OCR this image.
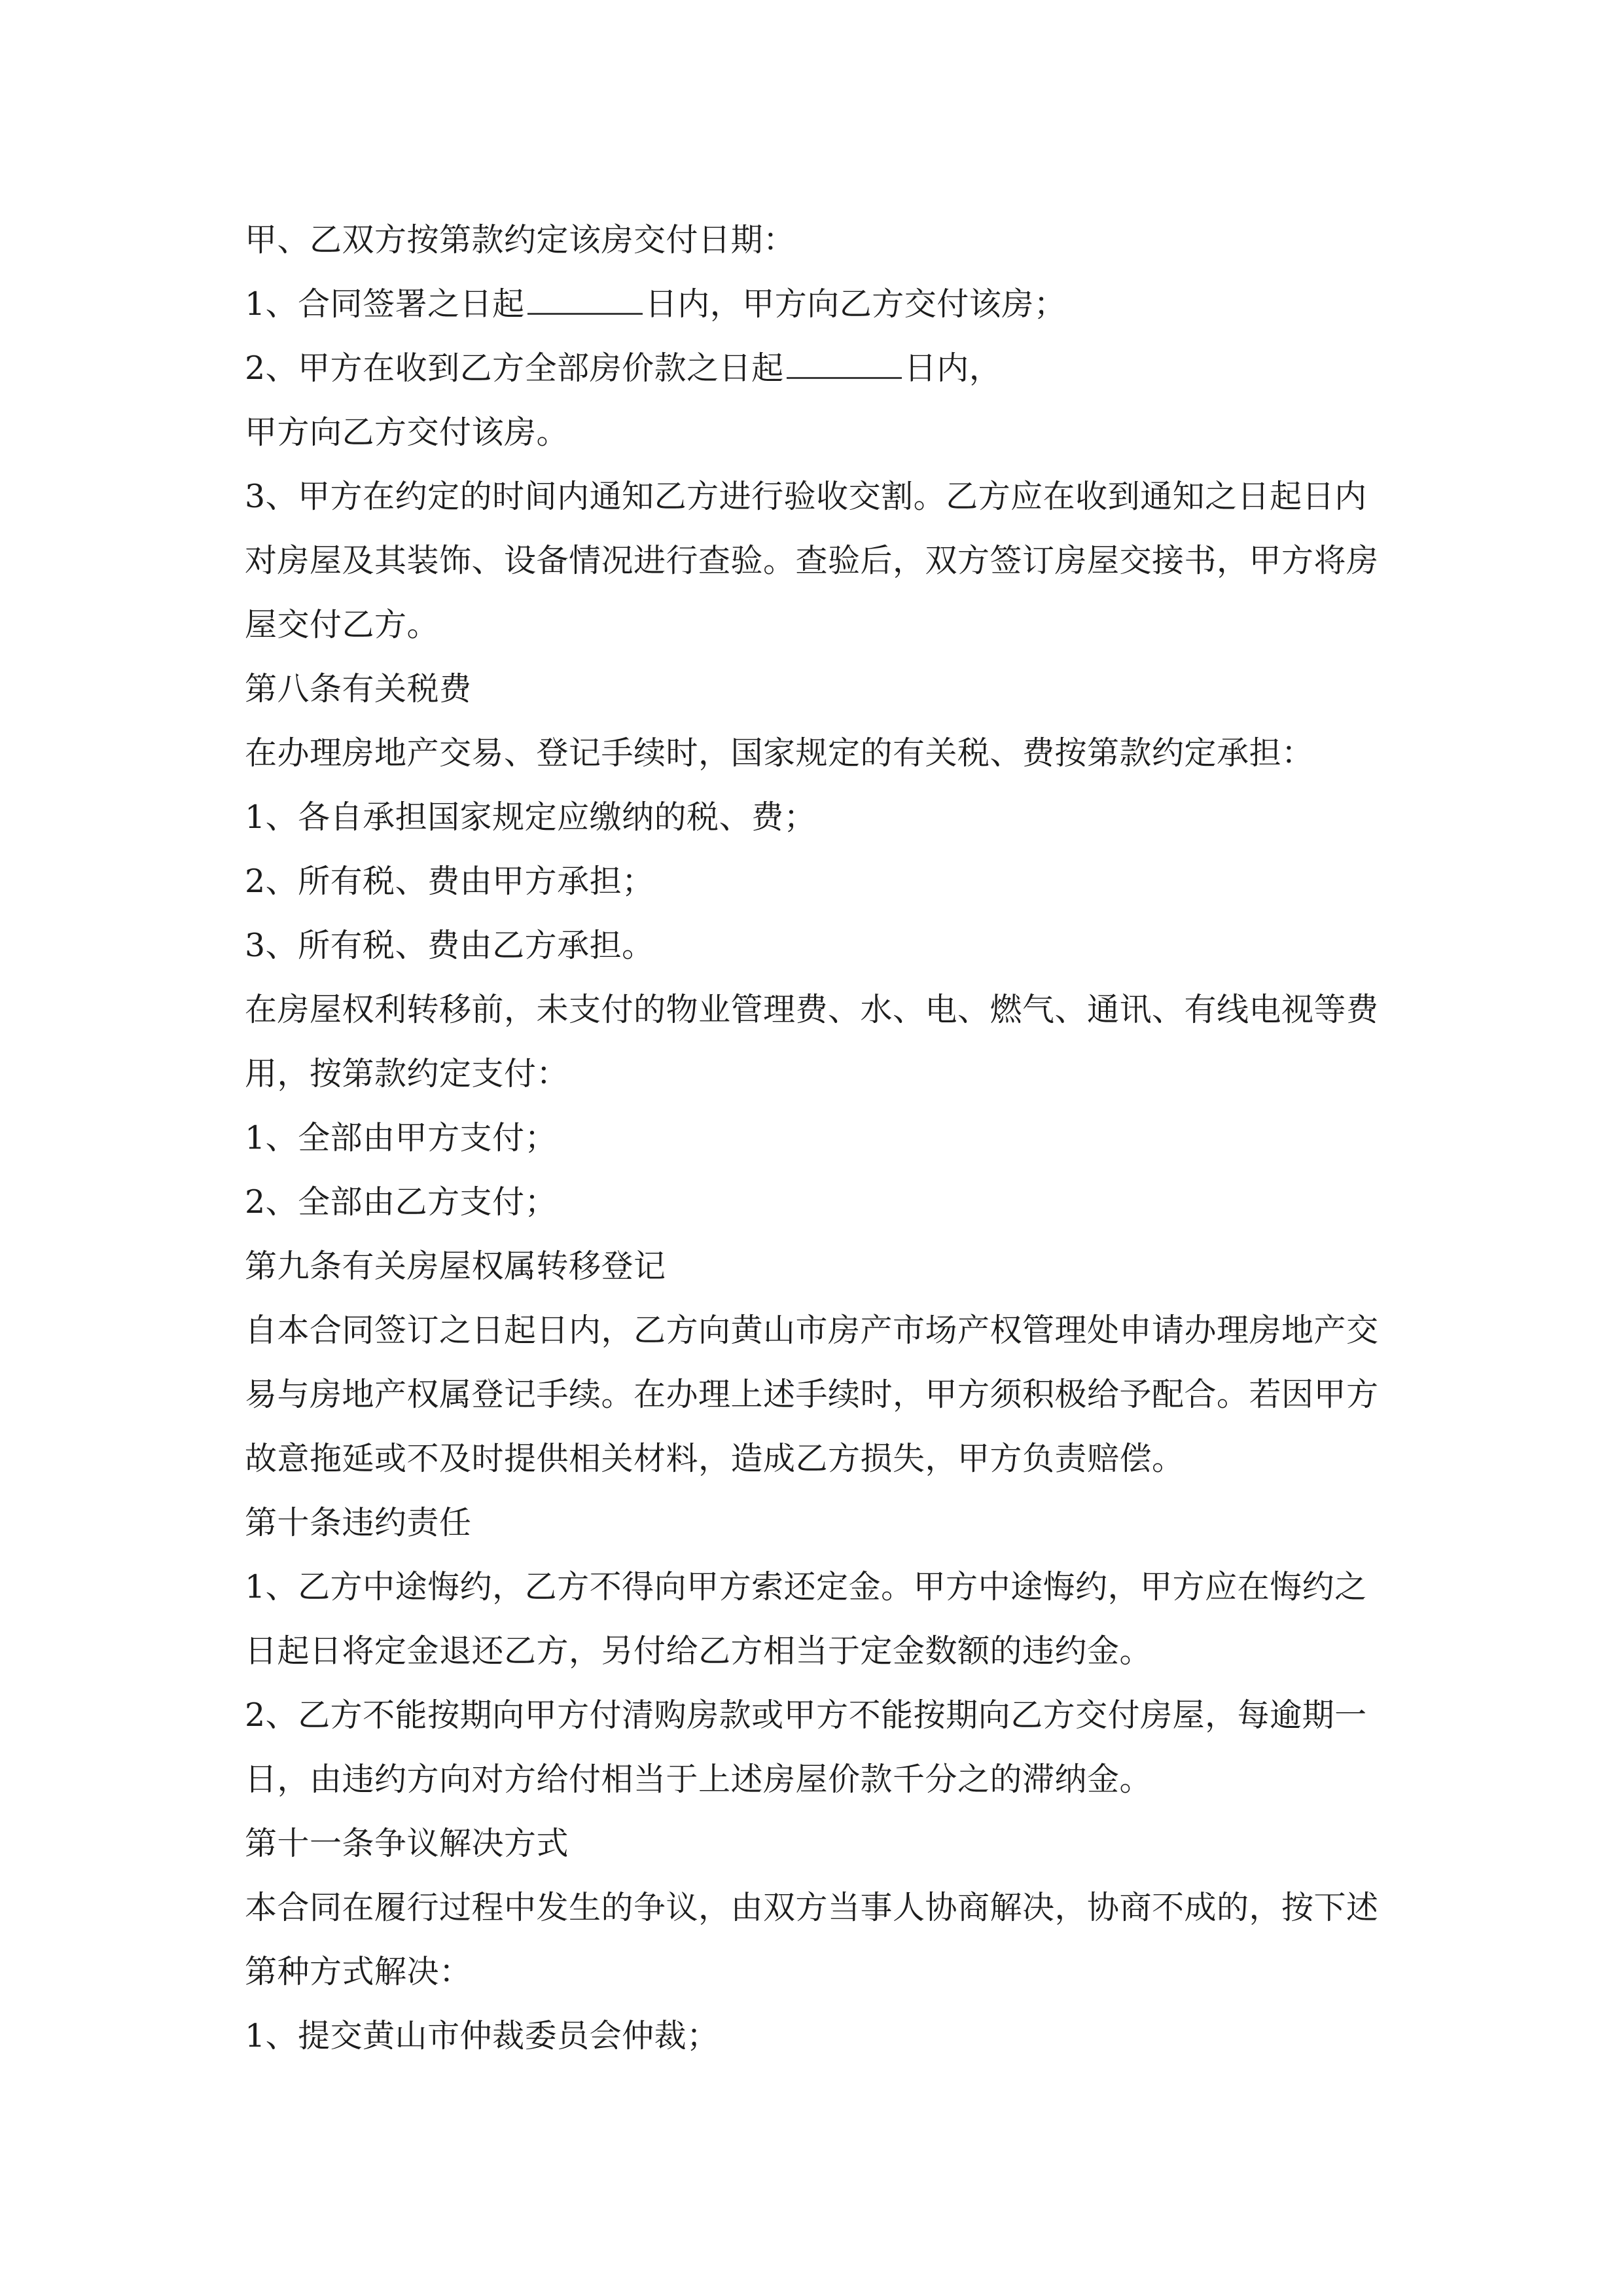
甲、乙双方按第款约定该房交付日期：
1、合同签署之日起	日内，甲方向乙方交付该房；
2、甲方在收到乙方全部房价款之日起	日内，
甲方向乙方交付该房。
3、甲方在约定的时间内通知乙方进行验收交割。乙方应在收到通知之日起日内
对房屋及其装饰、设备情况进行查验。查验后，双方签订房屋交接书，甲方将房
屋交付乙方。
第八条有关税费
在办理房地产交易、登记手续时，国家规定的有关税、费按第款约定承担：
1、各自承担国家规定应缴纳的税、费；
2、所有税、费由甲方承担；
3、所有税、费由乙方承担。
在房屋权利转移前，未支付的物业管理费、水、电、燃气、通讯、有线电视等费
用，按第款约定支付：
1、全部由甲方支付；
2、全部由乙方支付；
第九条有关房屋权属转移登记
自本合同签订之日起日内，乙方向黄山市房产市场产权管理处申请办理房地产交
易与房地产权属登记手续。在办理上述手续时，甲方须积极给予配合。若因甲方
故意拖延或不及时提供相关材料，造成乙方损失，甲方负责赔偿。
第十条违约责任
1、乙方中途悔约，乙方不得向甲方索还定金。甲方中途悔约，甲方应在悔约之
日起日将定金退还乙方，另付给乙方相当于定金数额的违约金。
2、乙方不能按期向甲方付清购房款或甲方不能按期向乙方交付房屋，每逾期一
日，由违约方向对方给付相当于上述房屋价款千分之的滞纳金。
第十一条争议解决方式
本合同在履行过程中发生的争议，由双方当事人协商解决，协商不成的，按下述
第种方式解决：
1、提交黄山市仲裁委员会仲裁；
